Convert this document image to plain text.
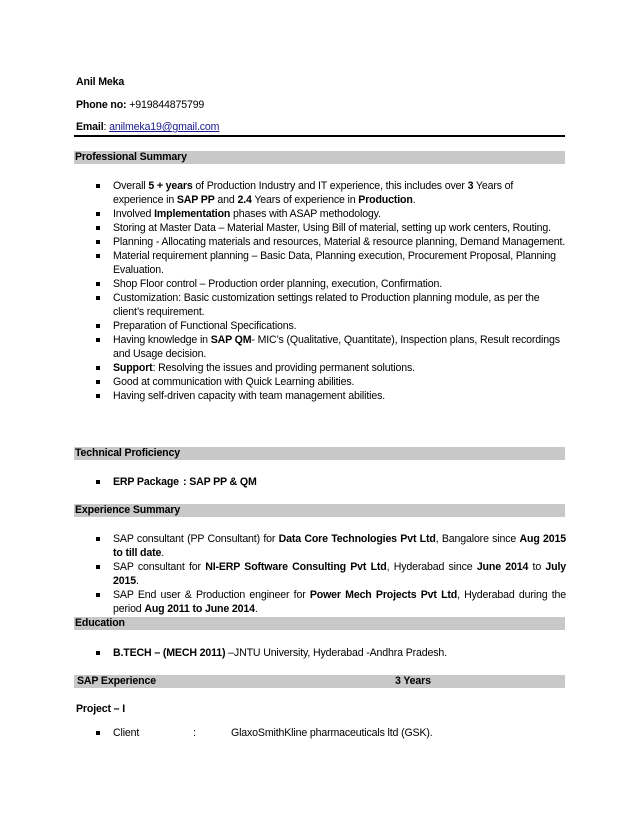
Anil Meka
Phone no: +919844875799
Email: anilmeka19@gmail.com
Professional Summary
Overall 5 + years of Production Industry and IT experience, this includes over 3 Years of experience in SAP PP and 2.4 Years of experience in Production.
Involved Implementation phases with ASAP methodology.
Storing at Master Data – Material Master, Using Bill of material, setting up work centers, Routing.
Planning - Allocating materials and resources, Material & resource planning, Demand Management.
Material requirement planning – Basic Data, Planning execution, Procurement Proposal, Planning Evaluation.
Shop Floor control – Production order planning, execution, Confirmation.
Customization: Basic customization settings related to Production planning module, as per the client’s requirement.
Preparation of Functional Specifications.
Having knowledge in SAP QM- MIC’s (Qualitative, Quantitate), Inspection plans, Result recordings and Usage decision.
Support: Resolving the issues and providing permanent solutions.
Good at communication with Quick Learning abilities.
Having self-driven capacity with team management abilities.
Technical Proficiency
ERP Package : SAP PP & QM
Experience Summary
SAP consultant (PP Consultant) for Data Core Technologies Pvt Ltd, Bangalore since Aug 2015 to till date.
SAP consultant for NI-ERP Software Consulting Pvt Ltd, Hyderabad since June 2014 to July 2015.
SAP End user & Production engineer for Power Mech Projects Pvt Ltd, Hyderabad during the period Aug 2011 to June 2014.
Education
B.TECH – (MECH 2011) –JNTU University, Hyderabad -Andhra Pradesh.
SAP Experience	3 Years
Project – I
Client	:	GlaxoSmithKline pharmaceuticals ltd (GSK).
